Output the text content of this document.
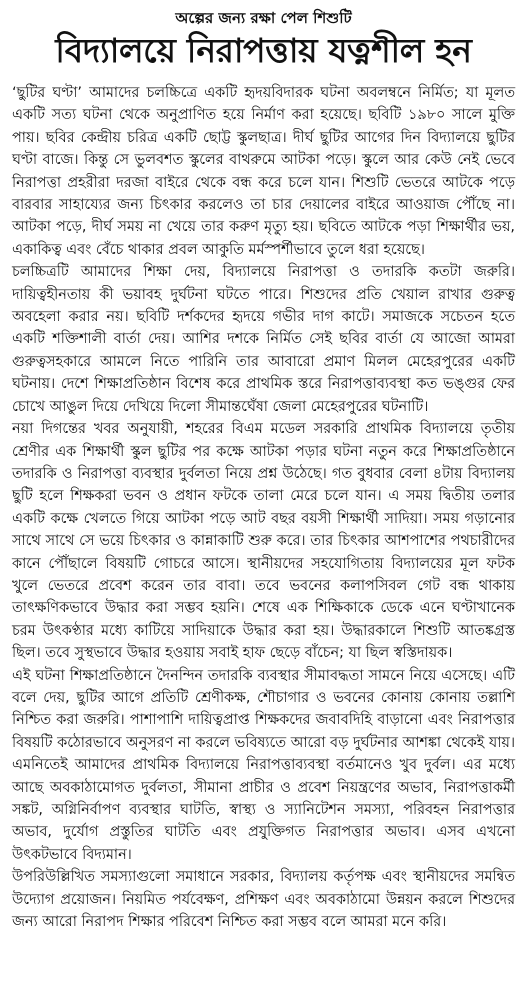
অল্পের জন্য রক্ষা পেল শিশুটি
বিদ্যালয়ে নিরাপত্তায় যত্নশীল হন

‘ছুটির ঘণ্টা’ আমাদের চলচ্চিত্রে একটি হৃদয়বিদারক ঘটনা অবলম্বনে নির্মিত; যা মূলত একটি সত্য ঘটনা থেকে অনুপ্রাণিত হয়ে নির্মাণ করা হয়েছে। ছবিটি ১৯৮০ সালে মুক্তি পায়। ছবির কেন্দ্রীয় চরিত্র একটি ছোট্ট স্কুলছাত্র। দীর্ঘ ছুটির আগের দিন বিদ্যালয়ে ছুটির ঘণ্টা বাজে। কিন্তু সে ভুলবশত স্কুলের বাথরুমে আটকা পড়ে। স্কুলে আর কেউ নেই ভেবে নিরাপত্তা প্রহরীরা দরজা বাইরে থেকে বন্ধ করে চলে যান। শিশুটি ভেতরে আটকে পড়ে বারবার সাহায্যের জন্য চিৎকার করলেও তা চার দেয়ালের বাইরে আওয়াজ পৌঁছে না। আটকা পড়ে, দীর্ঘ সময় না খেয়ে তার করুণ মৃত্যু হয়। ছবিতে আটকে পড়া শিক্ষার্থীর ভয়, একাকিত্ব এবং বেঁচে থাকার প্রবল আকুতি মর্মস্পর্শীভাবে তুলে ধরা হয়েছে।

চলচ্চিত্রটি আমাদের শিক্ষা দেয়, বিদ্যালয়ে নিরাপত্তা ও তদারকি কতটা জরুরি। দায়িত্বহীনতায় কী ভয়াবহ দুর্ঘটনা ঘটতে পারে। শিশুদের প্রতি খেয়াল রাখার গুরুত্ব অবহেলা করার নয়। ছবিটি দর্শকদের হৃদয়ে গভীর দাগ কাটে। সমাজকে সচেতন হতে একটি শক্তিশালী বার্তা দেয়। আশির দশকে নির্মিত সেই ছবির বার্তা যে আজো আমরা গুরুত্বসহকারে আমলে নিতে পারিনি তার আবারো প্রমাণ মিলল মেহেরপুরের একটি ঘটনায়। দেশে শিক্ষাপ্রতিষ্ঠান বিশেষ করে প্রাথমিক স্তরে নিরাপত্তাব্যবস্থা কত ভঙ্গুর ফের চোখে আঙুল দিয়ে দেখিয়ে দিলো সীমান্তঘেঁষা জেলা মেহেরপুরের ঘটনাটি।

নয়া দিগন্তের খবর অনুযায়ী, শহরের বিএম মডেল সরকারি প্রাথমিক বিদ্যালয়ে তৃতীয় শ্রেণীর এক শিক্ষার্থী স্কুল ছুটির পর কক্ষে আটকা পড়ার ঘটনা নতুন করে শিক্ষাপ্রতিষ্ঠানে তদারকি ও নিরাপত্তা ব্যবস্থার দুর্বলতা নিয়ে প্রশ্ন উঠেছে। গত বুধবার বেলা ৪টায় বিদ্যালয় ছুটি হলে শিক্ষকরা ভবন ও প্রধান ফটকে তালা মেরে চলে যান। এ সময় দ্বিতীয় তলার একটি কক্ষে খেলতে গিয়ে আটকা পড়ে আট বছর বয়সী শিক্ষার্থী সাদিয়া। সময় গড়ানোর সাথে সাথে সে ভয়ে চিৎকার ও কান্নাকাটি শুরু করে। তার চিৎকার আশপাশের পথচারীদের কানে পৌঁছালে বিষয়টি গোচরে আসে। স্থানীয়দের সহযোগিতায় বিদ্যালয়ের মূল ফটক খুলে ভেতরে প্রবেশ করেন তার বাবা। তবে ভবনের কলাপসিবল গেট বন্ধ থাকায় তাৎক্ষণিকভাবে উদ্ধার করা সম্ভব হয়নি। শেষে এক শিক্ষিকাকে ডেকে এনে ঘণ্টাখানেক চরম উৎকণ্ঠার মধ্যে কাটিয়ে সাদিয়াকে উদ্ধার করা হয়। উদ্ধারকালে শিশুটি আতঙ্কগ্রস্ত ছিল। তবে সুস্থভাবে উদ্ধার হওয়ায় সবাই হাফ ছেড়ে বাঁচেন; যা ছিল স্বস্তিদায়ক।

এই ঘটনা শিক্ষাপ্রতিষ্ঠানে দৈনন্দিন তদারকি ব্যবস্থার সীমাবদ্ধতা সামনে নিয়ে এসেছে। এটি বলে দেয়, ছুটির আগে প্রতিটি শ্রেণীকক্ষ, শৌচাগার ও ভবনের কোনায় কোনায় তল্লাশি নিশ্চিত করা জরুরি। পাশাপাশি দায়িত্বপ্রাপ্ত শিক্ষকদের জবাবদিহি বাড়ানো এবং নিরাপত্তার বিষয়টি কঠোরভাবে অনুসরণ না করলে ভবিষ্যতে আরো বড় দুর্ঘটনার আশঙ্কা থেকেই যায়। এমনিতেই আমাদের প্রাথমিক বিদ্যালয়ে নিরাপত্তাব্যবস্থা বর্তমানেও খুব দুর্বল। এর মধ্যে আছে অবকাঠামোগত দুর্বলতা, সীমানা প্রাচীর ও প্রবেশ নিয়ন্ত্রণের অভাব, নিরাপত্তাকর্মী সঙ্কট, অগ্নিনির্বাপণ ব্যবস্থার ঘাটতি, স্বাস্থ্য ও স্যানিটেশন সমস্যা, পরিবহন নিরাপত্তার অভাব, দুর্যোগ প্রস্তুতির ঘাটতি এবং প্রযুক্তিগত নিরাপত্তার অভাব। এসব এখনো উৎকটভাবে বিদ্যমান।

উপরিউল্লিখিত সমস্যাগুলো সমাধানে সরকার, বিদ্যালয় কর্তৃপক্ষ এবং স্থানীয়দের সমন্বিত উদ্যোগ প্রয়োজন। নিয়মিত পর্যবেক্ষণ, প্রশিক্ষণ এবং অবকাঠামো উন্নয়ন করলে শিশুদের জন্য আরো নিরাপদ শিক্ষার পরিবেশ নিশ্চিত করা সম্ভব বলে আমরা মনে করি।
